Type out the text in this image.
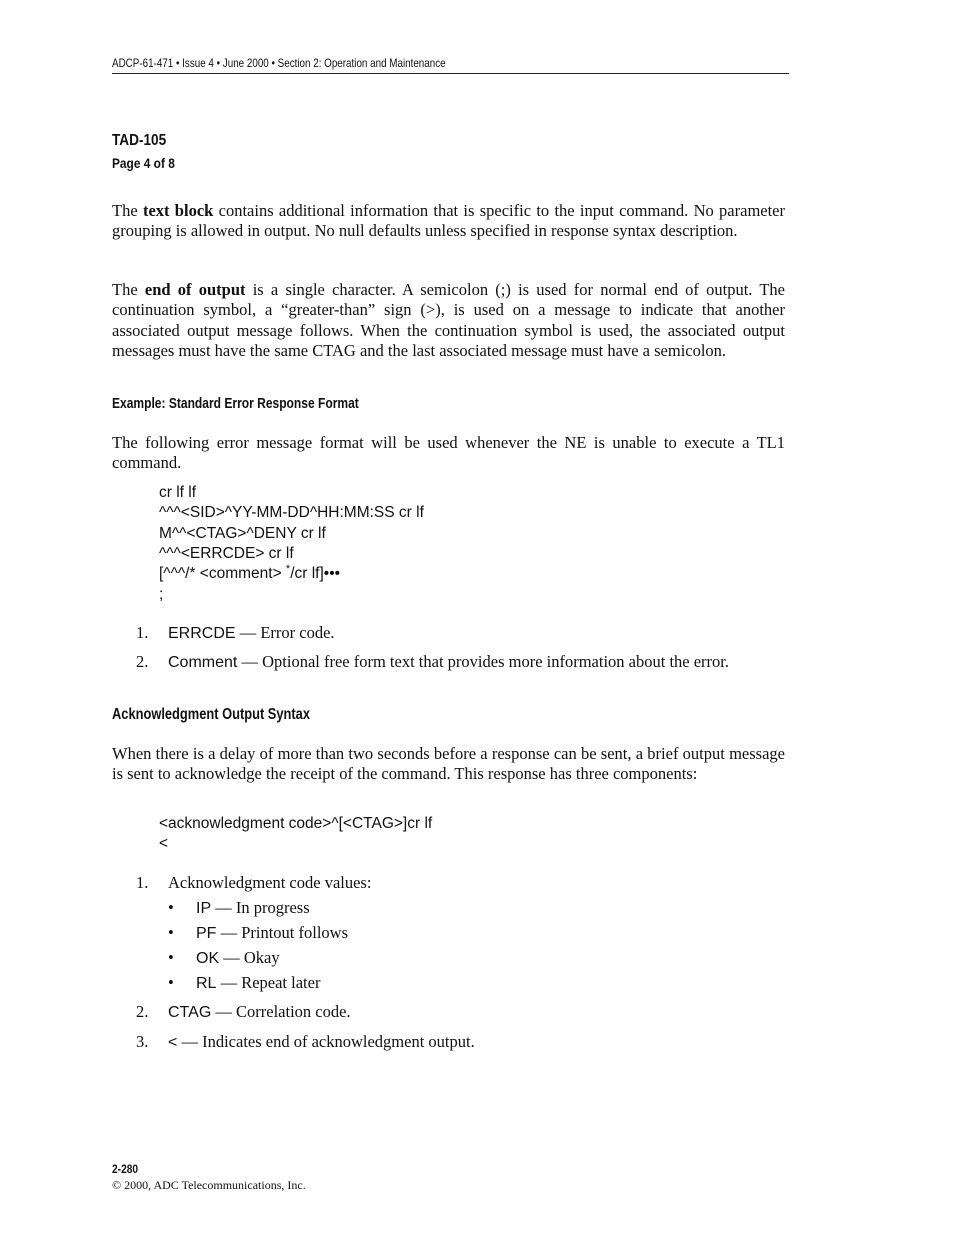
ADCP-61-471 • Issue 4 • June 2000 • Section 2: Operation and Maintenance
TAD-105
Page 4 of 8

The text block contains additional information that is specific to the input command. No parameter grouping is allowed in output. No null defaults unless specified in response syntax description.

The end of output is a single character. A semicolon (;) is used for normal end of output. The continuation symbol, a “greater-than” sign (>), is used on a message to indicate that another associated output message follows. When the continuation symbol is used, the associated output messages must have the same CTAG and the last associated message must have a semicolon.

Example: Standard Error Response Format

The following error message format will be used whenever the NE is unable to execute a TL1 command.

cr lf lf
^^^<SID>^YY-MM-DD^HH:MM:SS cr lf
M^^<CTAG>^DENY cr lf
^^^<ERRCDE> cr lf
[^^^/* <comment> */cr lf]•••
;
1.	ERRCDE — Error code.
2.	Comment — Optional free form text that provides more information about the error.
Acknowledgment Output Syntax

When there is a delay of more than two seconds before a response can be sent, a brief output message is sent to acknowledge the receipt of the command. This response has three components:

<acknowledgment code>^[<CTAG>]cr lf
<
1.	Acknowledgment code values:
• IP — In progress
• PF — Printout follows
• OK — Okay
• RL — Repeat later
2.	CTAG — Correlation code.
3.	< — Indicates end of acknowledgment output.
2-280
© 2000, ADC Telecommunications, Inc.
